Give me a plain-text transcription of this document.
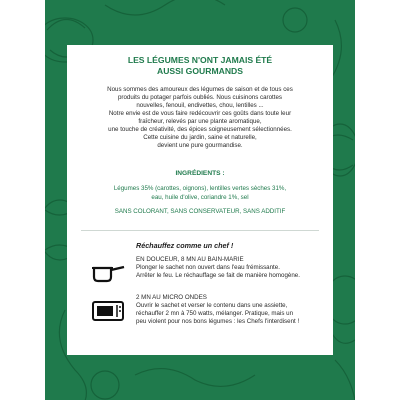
LES LÉGUMES N'ONT JAMAIS ÉTÉ
AUSSI GOURMANDS

Nous sommes des amoureux des légumes de saison et de tous ces
produits du potager parfois oubliés. Nous cuisinons carottes
nouvelles, fenouil, endivettes, chou, lentilles ...
Notre envie est de vous faire redécouvrir ces goûts dans toute leur
fraîcheur, relevés par une plante aromatique,
une touche de créativité, des épices soigneusement sélectionnées.
Cette cuisine du jardin, saine et naturelle,
devient une pure gourmandise.

INGRÉDIENTS :

Légumes 35% (carottes, oignons), lentilles vertes sèches 31%,
eau, huile d'olive, coriandre 1%, sel

SANS COLORANT, SANS CONSERVATEUR, SANS ADDITIF

Réchauffez comme un chef !

EN DOUCEUR, 8 MN AU BAIN-MARIE
Plonger le sachet non ouvert dans l'eau frémissante.
Arrêter le feu. Le réchauffage se fait de manière homogène.
2 MN AU MICRO ONDES
Ouvrir le sachet et verser le contenu dans une assiette,
réchauffer 2 mn à 750 watts, mélanger. Pratique, mais un
peu violent pour nos bons légumes : les Chefs l'interdisent !
